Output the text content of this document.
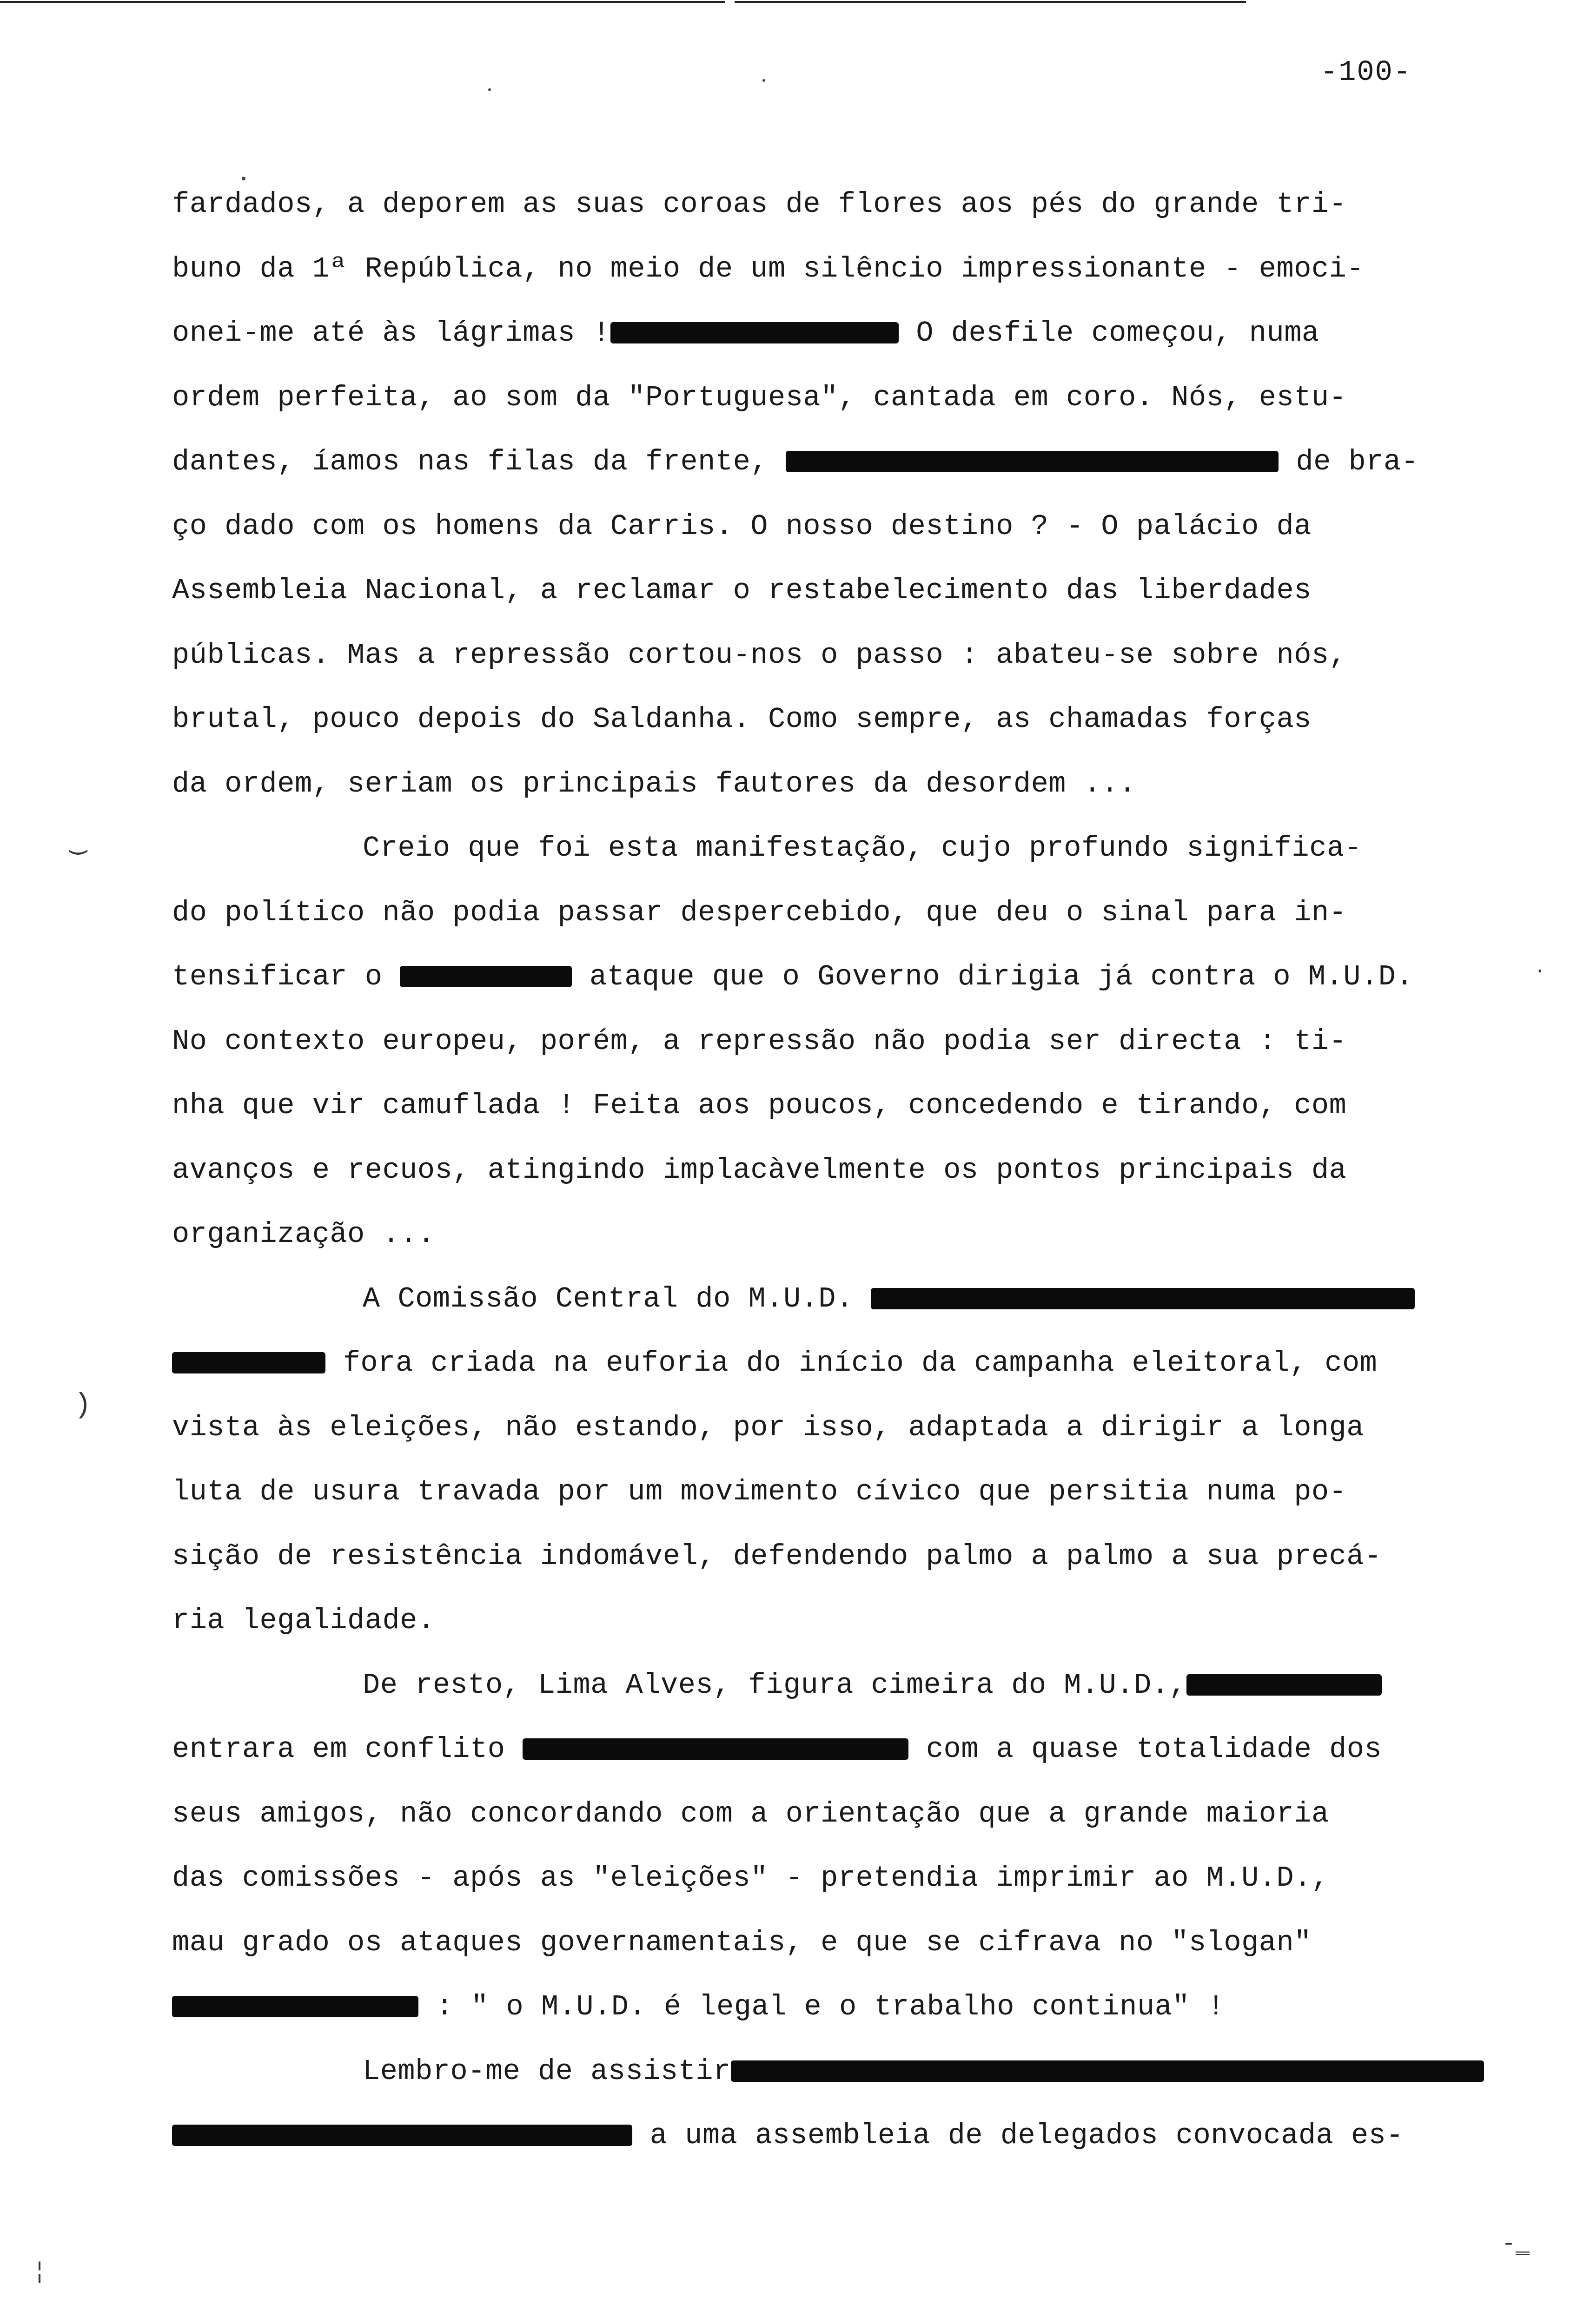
-100-
fardados, a deporem as suas coroas de flores aos pés do grande tri-
buno da 1ª República, no meio de um silêncio impressionante - emoci-
onei-me até às lágrimas !	O desfile começou, numa
ordem perfeita, ao som da "Portuguesa", cantada em coro. Nós, estu-
dantes, íamos nas filas da frente,	de bra-
ço dado com os homens da Carris. O nosso destino ? - O palácio da
Assembleia Nacional, a reclamar o restabelecimento das liberdades
públicas. Mas a repressão cortou-nos o passo : abateu-se sobre nós,
brutal, pouco depois do Saldanha. Como sempre, as chamadas forças
da ordem, seriam os principais fautores da desordem ...
Creio que foi esta manifestação, cujo profundo significa-
do político não podia passar despercebido, que deu o sinal para in-
tensificar o	ataque que o Governo dirigia já contra o M.U.D.
No contexto europeu, porém, a repressão não podia ser directa : ti-
nha que vir camuflada ! Feita aos poucos, concedendo e tirando, com
avanços e recuos, atingindo implacàvelmente os pontos principais da
organização ...
A Comissão Central do M.U.D.
fora criada na euforia do início da campanha eleitoral, com
vista às eleições, não estando, por isso, adaptada a dirigir a longa
luta de usura travada por um movimento cívico que persitia numa po-
sição de resistência indomável, defendendo palmo a palmo a sua precá-
ria legalidade.
De resto, Lima Alves, figura cimeira do M.U.D.,
entrara em conflito	com a quase totalidade dos
seus amigos, não concordando com a orientação que a grande maioria
das comissões - após as "eleições" - pretendia imprimir ao M.U.D.,
mau grado os ataques governamentais, e que se cifrava no "slogan"
: " o M.U.D. é legal e o trabalho continua" !
Lembro-me de assistir
a uma assembleia de delegados convocada es-
‿
)
.
¦
‐‗
